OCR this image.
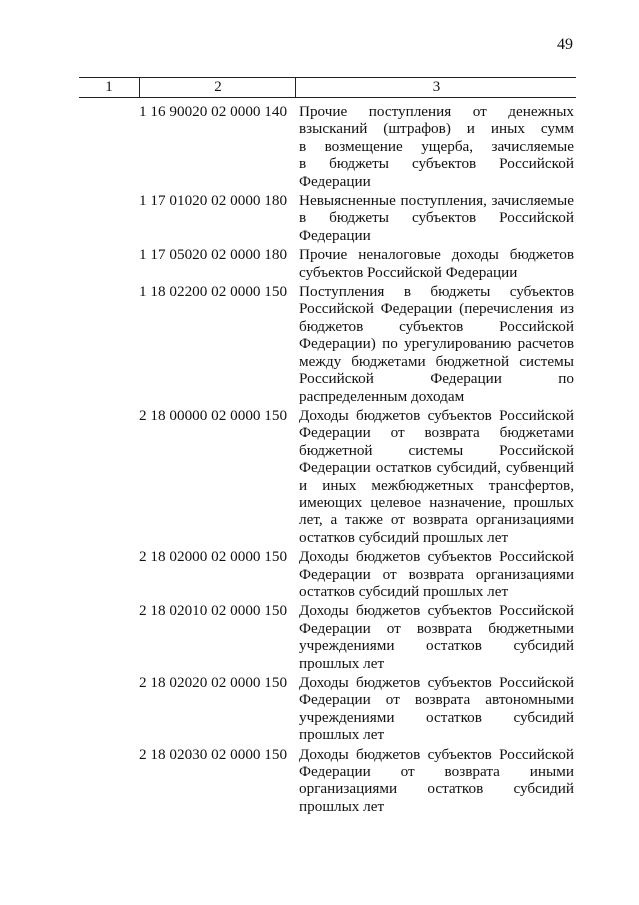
49
1	2	3
1 16 90020 02 0000 140 Прочие поступления от денежных
взысканий (штрафов) и иных сумм
в возмещение ущерба, зачисляемые
в бюджеты субъектов Российской
Федерации
1 17 01020 02 0000 180 Невыясненные поступления, зачисляемые
в бюджеты субъектов Российской
Федерации
1 17 05020 02 0000 180 Прочие неналоговые доходы бюджетов
субъектов Российской Федерации
1 18 02200 02 0000 150 Поступления в бюджеты субъектов
Российской Федерации (перечисления из
бюджетов субъектов Российской
Федерации) по урегулированию расчетов
между бюджетами бюджетной системы
Российской Федерации по
распределенным доходам
2 18 00000 02 0000 150 Доходы бюджетов субъектов Российской
Федерации от возврата бюджетами
бюджетной системы Российской
Федерации остатков субсидий, субвенций
и иных межбюджетных трансфертов,
имеющих целевое назначение, прошлых
лет, а также от возврата организациями
остатков субсидий прошлых лет
2 18 02000 02 0000 150 Доходы бюджетов субъектов Российской
Федерации от возврата организациями
остатков субсидий прошлых лет
2 18 02010 02 0000 150 Доходы бюджетов субъектов Российской
Федерации от возврата бюджетными
учреждениями остатков субсидий
прошлых лет
2 18 02020 02 0000 150 Доходы бюджетов субъектов Российской
Федерации от возврата автономными
учреждениями остатков субсидий
прошлых лет
2 18 02030 02 0000 150 Доходы бюджетов субъектов Российской
Федерации от возврата иными
организациями остатков субсидий
прошлых лет
